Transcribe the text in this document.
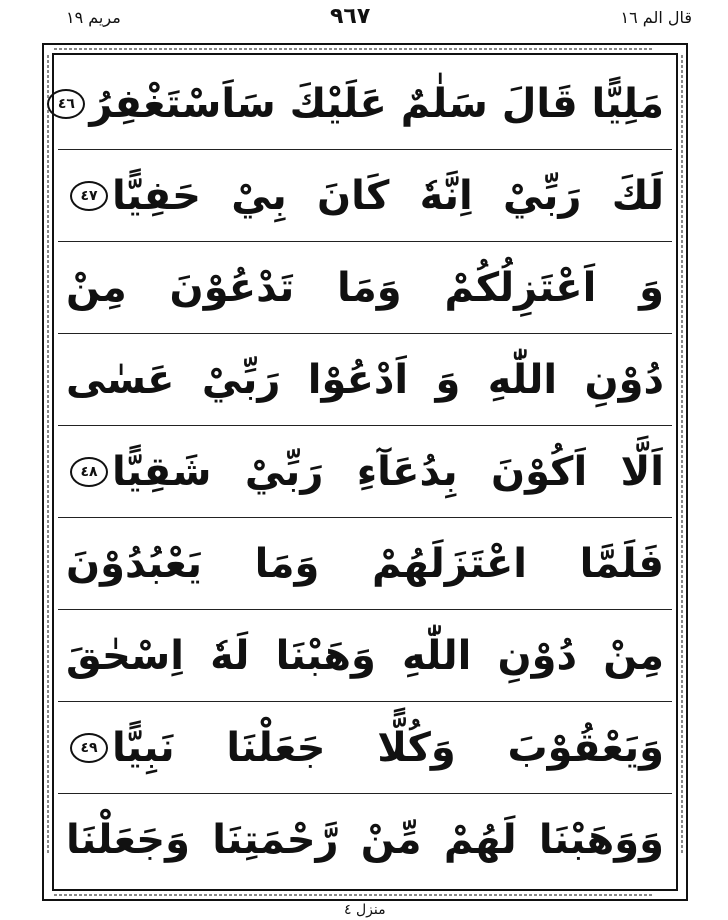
مریم ١٩	٩٦٧	قال الم ١٦
مَلِيًّا قَالَ سَلٰمٌ عَلَيْكَ سَاَسْتَغْفِرُ
٤٦
لَكَ رَبِّيْ اِنَّهٗ كَانَ بِيْ حَفِيًّا
٤٧
وَ اَعْتَزِلُكُمْ وَمَا تَدْعُوْنَ مِنْ
دُوْنِ اللّٰهِ وَ اَدْعُوْا رَبِّيْ عَسٰى
اَلَّا اَكُوْنَ بِدُعَآءِ رَبِّيْ شَقِيًّا
٤٨
فَلَمَّا اعْتَزَلَهُمْ وَمَا يَعْبُدُوْنَ
مِنْ دُوْنِ اللّٰهِ وَهَبْنَا لَهٗ اِسْحٰقَ
وَيَعْقُوْبَ وَكُلًّا جَعَلْنَا نَبِيًّا
٤٩
وَوَهَبْنَا لَهُمْ مِّنْ رَّحْمَتِنَا وَجَعَلْنَا
منزل ٤
